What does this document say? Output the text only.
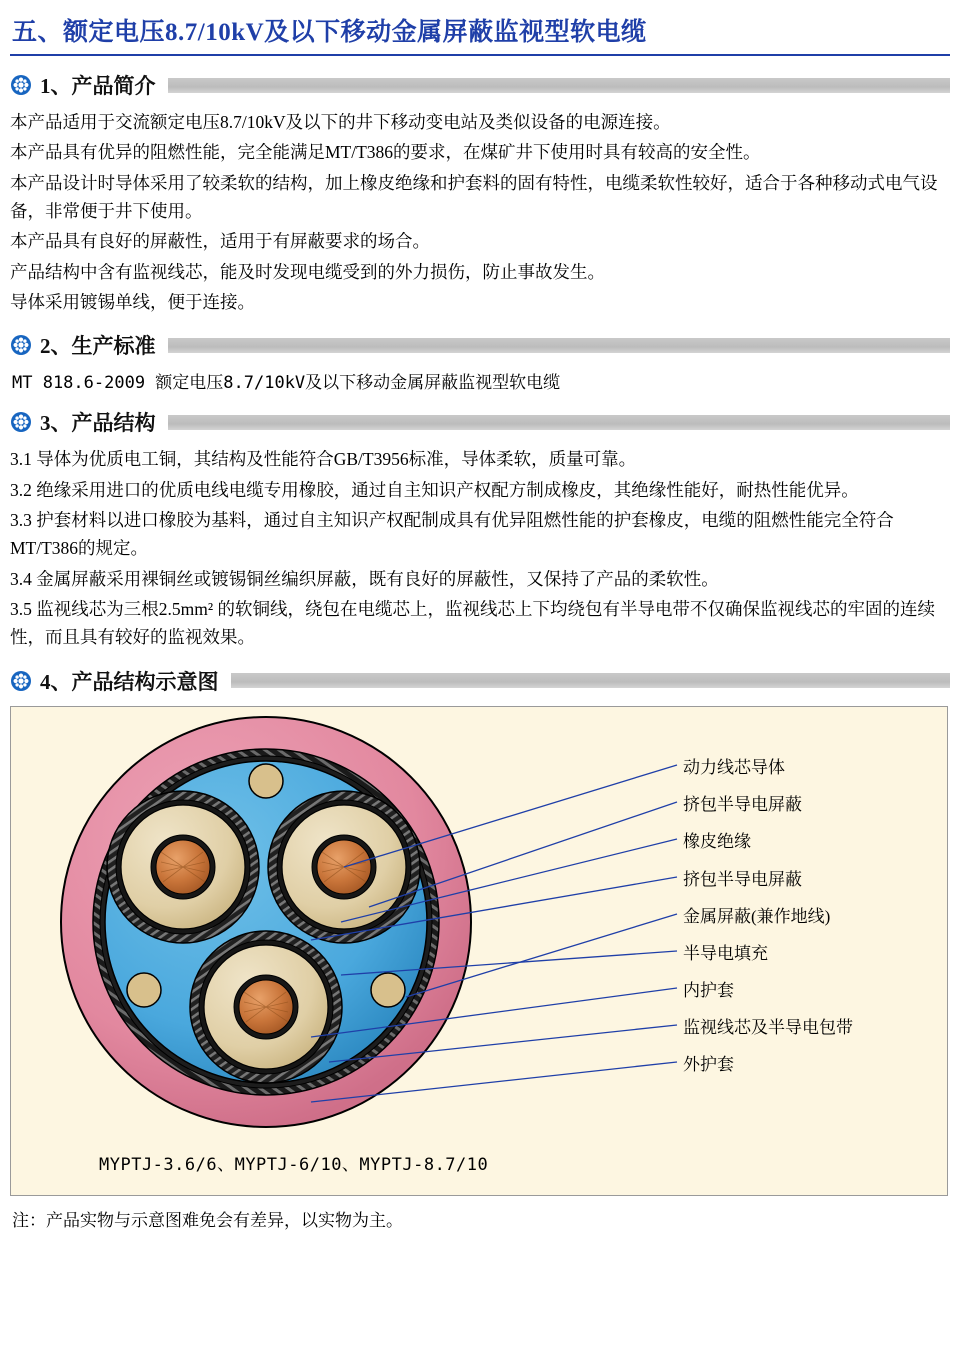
五、额定电压8.7/10kV及以下移动金属屏蔽监视型软电缆
1、产品简介

本产品适用于交流额定电压8.7/10kV及以下的井下移动变电站及类似设备的电源连接。

本产品具有优异的阻燃性能，完全能满足MT/T386的要求，在煤矿井下使用时具有较高的安全性。

本产品设计时导体采用了较柔软的结构，加上橡皮绝缘和护套料的固有特性，电缆柔软性较好，适合于各种移动式电气设备，非常便于井下使用。

本产品具有良好的屏蔽性，适用于有屏蔽要求的场合。

产品结构中含有监视线芯，能及时发现电缆受到的外力损伤，防止事故发生。

导体采用镀锡单线，便于连接。

2、生产标准

MT 818.6-2009 额定电压8.7/10kV及以下移动金属屏蔽监视型软电缆

3、产品结构

3.1 导体为优质电工铜，其结构及性能符合GB/T3956标准，导体柔软，质量可靠。

3.2 绝缘采用进口的优质电线电缆专用橡胶，通过自主知识产权配方制成橡皮，其绝缘性能好，耐热性能优异。

3.3 护套材料以进口橡胶为基料，通过自主知识产权配制成具有优异阻燃性能的护套橡皮，电缆的阻燃性能完全符合MT/T386的规定。

3.4 金属屏蔽采用裸铜丝或镀锡铜丝编织屏蔽，既有良好的屏蔽性，又保持了产品的柔软性。

3.5 监视线芯为三根2.5mm² 的软铜线，绕包在电缆芯上，监视线芯上下均绕包有半导电带不仅确保监视线芯的牢固的连续性，而且具有较好的监视效果。

4、产品结构示意图
动力线芯导体
挤包半导电屏蔽
橡皮绝缘
挤包半导电屏蔽
金属屏蔽(兼作地线)
半导电填充
内护套
监视线芯及半导电包带
外护套
MYPTJ-3.6/6、MYPTJ-6/10、MYPTJ-8.7/10
注：产品实物与示意图难免会有差异，以实物为主。
